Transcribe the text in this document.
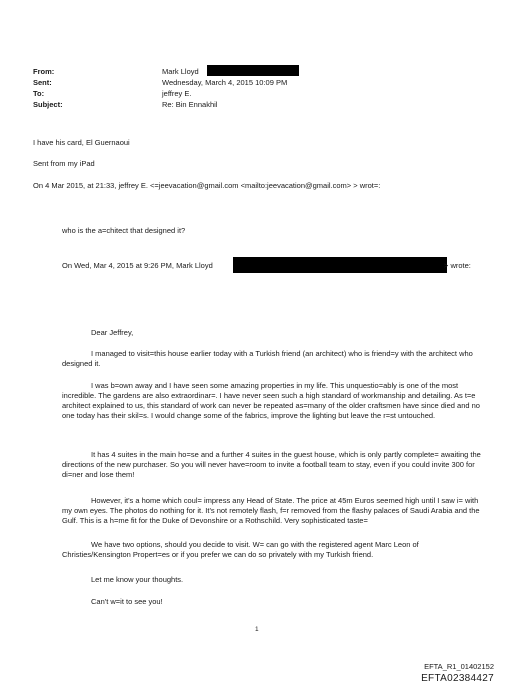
From:	Mark Lloyd
Sent:	Wednesday, March 4, 2015 10:09 PM
To:	jeffrey E.
Subject:	Re: Bin Ennakhil
I have his card, El Guernaoui
Sent from my iPad
On 4 Mar 2015, at 21:33, jeffrey E. <=jeevacation@gmail.com <mailto:jeevacation@gmail.com> > wrot=:
who is the a=chitect that designed it?
On Wed, Mar 4, 2015 at 9:26 PM, Mark Lloyd	> wrote:
Dear Jeffrey,
I managed to visit=this house earlier today with a Turkish friend (an architect) who is friend=y with the architect who designed it.
I was b=own away and I have seen some amazing properties in my life. This unquestio=ably is one of the most incredible. The gardens are also extraordinar=. I have never seen such a high standard of workmanship and detailing. As t=e architect explained to us, this standard of work can never be repeated as=many of the older craftsmen have since died and no one today has their skil=s. I would change some of the fabrics, improve the lighting but leave the r=st untouched.
It has 4 suites in the main ho=se and a further 4 suites in the guest house, which is only partly complete= awaiting the directions of the new purchaser. So you will never have=room to invite a football team to stay, even if you could invite 300 for di=ner and lose them!
However, it's a home which coul= impress any Head of State. The price at 45m Euros seemed high until I saw i= with my own eyes. The photos do nothing for it. It's not remotely flash, f=r removed from the flashy palaces of Saudi Arabia and the Gulf. This is a h=me fit for the Duke of Devonshire or a Rothschild. Very sophisticated taste=
We have two options, should you decide to visit. W= can go with the registered agent Marc Leon of Christies/Kensington Propert=es or if you prefer we can do so privately with my Turkish friend.
Let me know your thoughts.
Can't w=it to see you!
1
EFTA_R1_01402152
EFTA02384427
